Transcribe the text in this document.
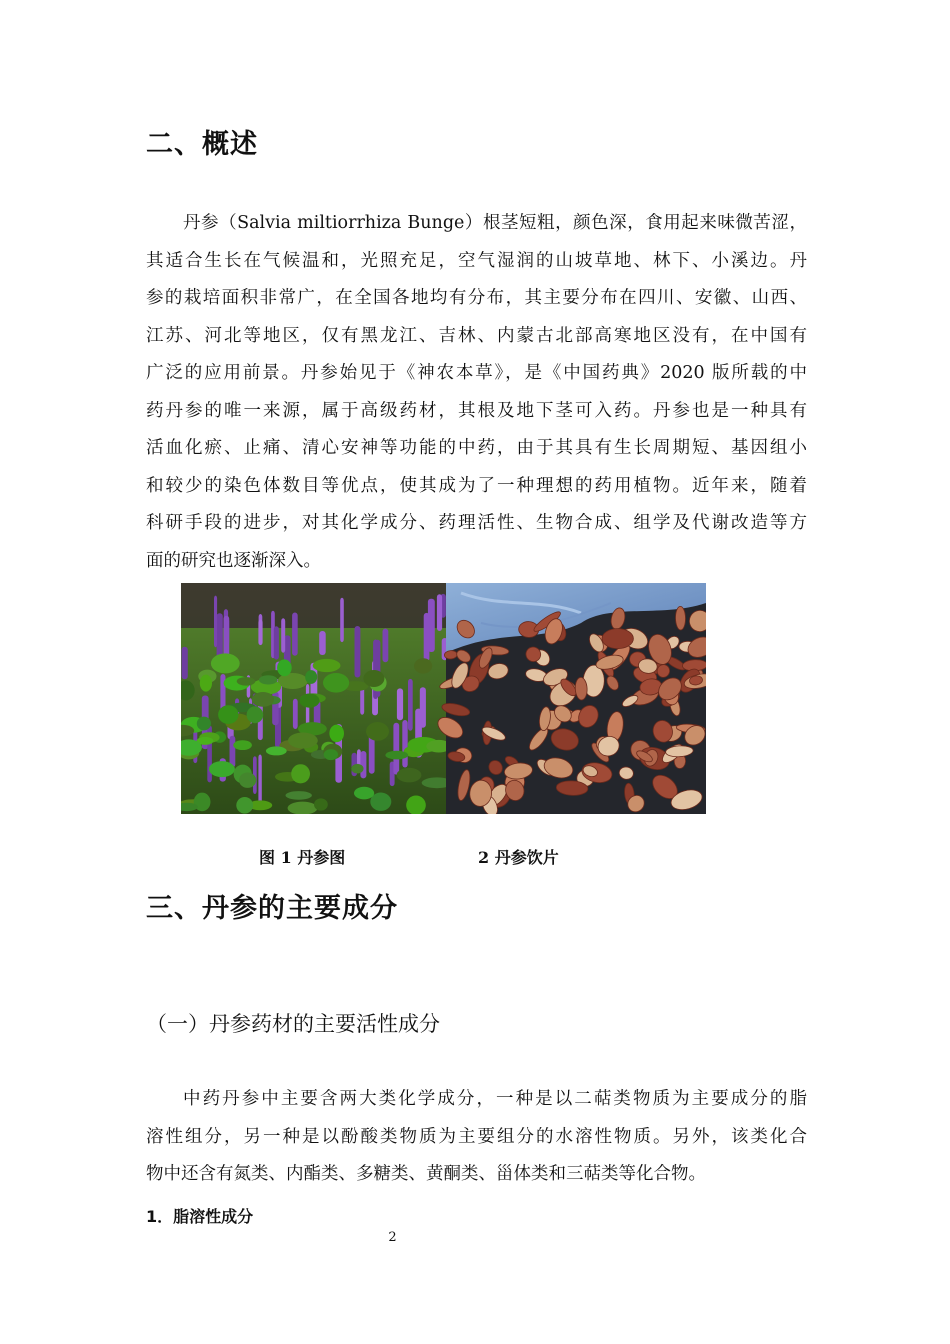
二、概述
丹参（Salvia miltiorrhiza Bunge）根茎短粗，颜色深，食用起来味微苦涩，
其适合生长在气候温和，光照充足，空气湿润的山坡草地、林下、小溪边。丹
参的栽培面积非常广，在全国各地均有分布，其主要分布在四川、安徽、山西、
江苏、河北等地区，仅有黑龙江、吉林、内蒙古北部高寒地区没有，在中国有
广泛的应用前景。丹参始见于《神农本草》，是《中国药典》2020 版所载的中
药丹参的唯一来源，属于高级药材，其根及地下茎可入药。丹参也是一种具有
活血化瘀、止痛、清心安神等功能的中药，由于其具有生长周期短、基因组小
和较少的染色体数目等优点，使其成为了一种理想的药用植物。近年来，随着
科研手段的进步，对其化学成分、药理活性、生物合成、组学及代谢改造等方
面的研究也逐渐深入。
图 1 丹参图	2 丹参饮片
三、丹参的主要成分
（一）丹参药材的主要活性成分
中药丹参中主要含两大类化学成分，一种是以二萜类物质为主要成分的脂
溶性组分，另一种是以酚酸类物质为主要组分的水溶性物质。另外，该类化合
物中还含有氮类、内酯类、多糖类、黄酮类、甾体类和三萜类等化合物。
1．脂溶性成分
2
